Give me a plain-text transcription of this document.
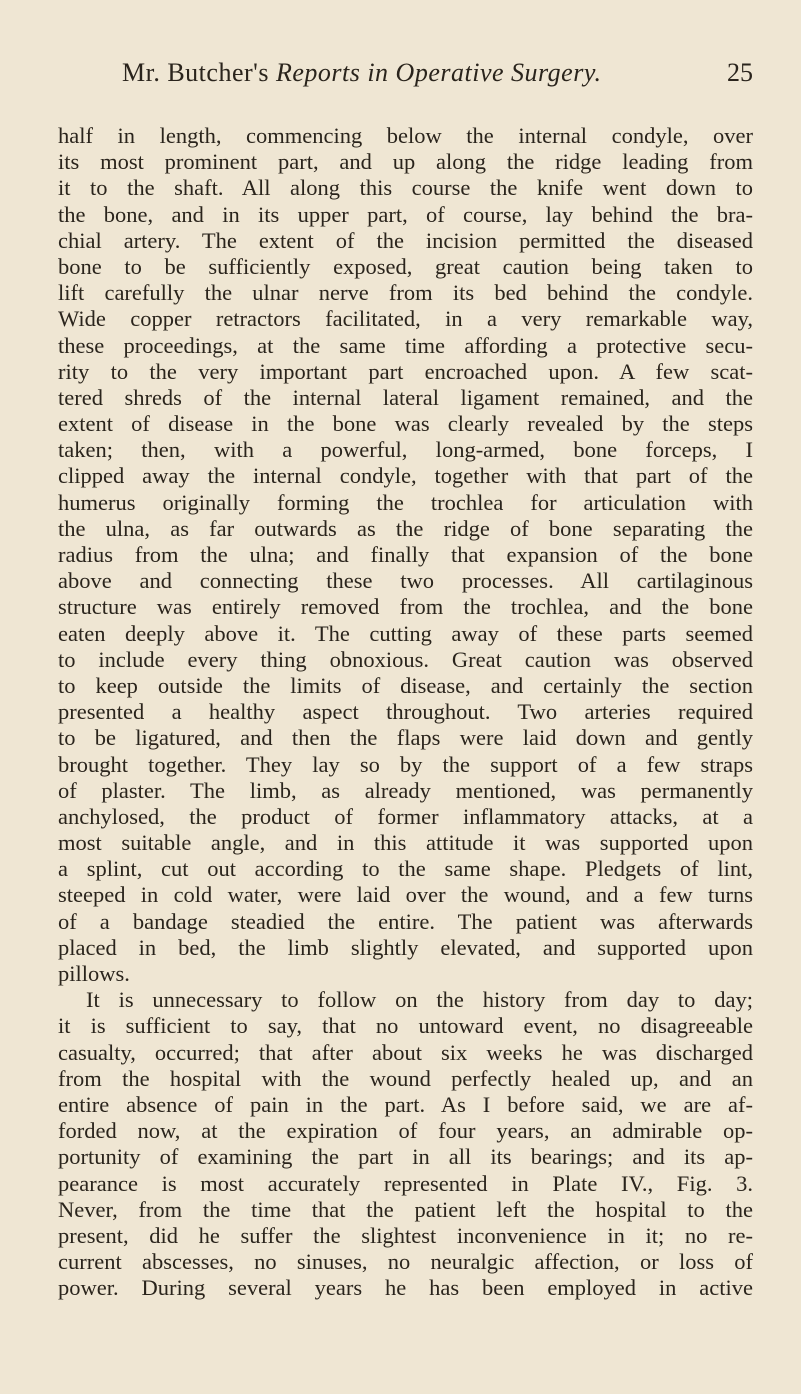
Mr. Butcher's Reports in Operative Surgery.	25
half in length, commencing below the internal condyle, over
its most prominent part, and up along the ridge leading from
it to the shaft. All along this course the knife went down to
the bone, and in its upper part, of course, lay behind the bra-
chial artery. The extent of the incision permitted the diseased
bone to be sufficiently exposed, great caution being taken to
lift carefully the ulnar nerve from its bed behind the condyle.
Wide copper retractors facilitated, in a very remarkable way,
these proceedings, at the same time affording a protective secu-
rity to the very important part encroached upon. A few scat-
tered shreds of the internal lateral ligament remained, and the
extent of disease in the bone was clearly revealed by the steps
taken; then, with a powerful, long-armed, bone forceps, I
clipped away the internal condyle, together with that part of the
humerus originally forming the trochlea for articulation with
the ulna, as far outwards as the ridge of bone separating the
radius from the ulna; and finally that expansion of the bone
above and connecting these two processes. All cartilaginous
structure was entirely removed from the trochlea, and the bone
eaten deeply above it. The cutting away of these parts seemed
to include every thing obnoxious. Great caution was observed
to keep outside the limits of disease, and certainly the section
presented a healthy aspect throughout. Two arteries required
to be ligatured, and then the flaps were laid down and gently
brought together. They lay so by the support of a few straps
of plaster. The limb, as already mentioned, was permanently
anchylosed, the product of former inflammatory attacks, at a
most suitable angle, and in this attitude it was supported upon
a splint, cut out according to the same shape. Pledgets of lint,
steeped in cold water, were laid over the wound, and a few turns
of a bandage steadied the entire. The patient was afterwards
placed in bed, the limb slightly elevated, and supported upon
pillows.
It is unnecessary to follow on the history from day to day;
it is sufficient to say, that no untoward event, no disagreeable
casualty, occurred; that after about six weeks he was discharged
from the hospital with the wound perfectly healed up, and an
entire absence of pain in the part. As I before said, we are af-
forded now, at the expiration of four years, an admirable op-
portunity of examining the part in all its bearings; and its ap-
pearance is most accurately represented in Plate IV., Fig. 3.
Never, from the time that the patient left the hospital to the
present, did he suffer the slightest inconvenience in it; no re-
current abscesses, no sinuses, no neuralgic affection, or loss of
power. During several years he has been employed in active
